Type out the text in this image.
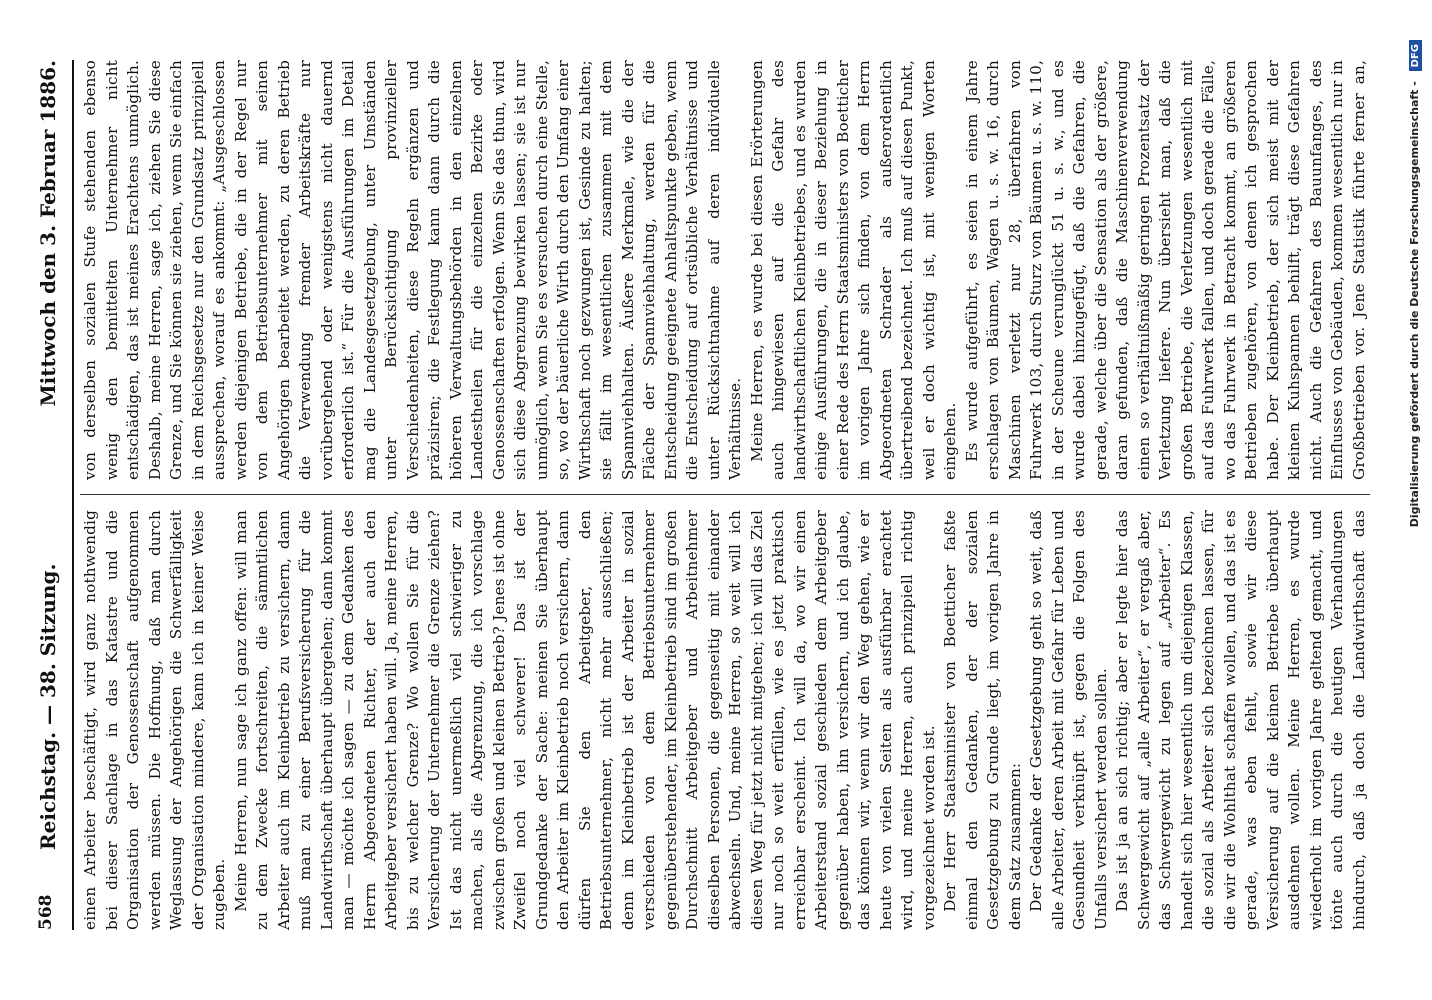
568
Reichstag. — 38. Sitzung.
Mittwoch den 3. Februar 1886.

einen Arbeiter beschäftigt, wird ganz nothwendig bei dieser Sachlage in das Katastre und die Organisation der Genossenschaft aufgenommen werden müssen. Die Hoffnung, daß man durch Weglassung der Angehörigen die Schwerfälligkeit der Organisation mindere, kann ich in keiner Weise zugeben. Meine Herren, nun sage ich ganz offen: will man zu dem Zwecke fortschreiten, die sämmtlichen Arbeiter auch im Kleinbetrieb zu versichern, dann muß man zu einer Berufsversicherung für die Landwirthschaft überhaupt übergehen; dann kommt man — möchte ich sagen — zu dem Gedanken des Herrn Abgeordneten Richter, der auch den Arbeitgeber versichert haben will. Ja, meine Herren, bis zu welcher Grenze? Wo wollen Sie für die Versicherung der Unternehmer die Grenze ziehen? Ist das nicht unermeßlich viel schwieriger zu machen, als die Abgrenzung, die ich vorschlage zwischen großen und kleinen Betrieb? Jenes ist ohne Zweifel noch viel schwerer! Das ist der Grundgedanke der Sache: meinen Sie überhaupt den Arbeiter im Kleinbetrieb noch versichern, dann dürfen Sie den Arbeitgeber, den Betriebsunternehmer, nicht mehr ausschließen; denn im Kleinbetrieb ist der Arbeiter in sozial verschieden von dem Betriebsunternehmer gegenüberstehender, im Kleinbetrieb sind im großen Durchschnitt Arbeitgeber und Arbeitnehmer dieselben Personen, die gegenseitig mit einander abwechseln. Und, meine Herren, so weit will ich diesen Weg für jetzt nicht mitgehen; ich will das Ziel nur noch so weit erfüllen, wie es jetzt praktisch erreichbar erscheint. Ich will da, wo wir einen Arbeiterstand sozial geschieden dem Arbeitgeber gegenüber haben, ihn versichern, und ich glaube, das können wir, wenn wir den Weg gehen, wie er heute von vielen Seiten als ausführbar erachtet wird, und meine Herren, auch prinzipiell richtig vorgezeichnet worden ist. Der Herr Staatsminister von Boetticher faßte einmal den Gedanken, der der sozialen Gesetzgebung zu Grunde liegt, im vorigen Jahre in dem Satz zusammen: Der Gedanke der Gesetzgebung geht so weit, daß alle Arbeiter, deren Arbeit mit Gefahr für Leben und Gesundheit verknüpft ist, gegen die Folgen des Unfalls versichert werden sollen. Das ist ja an sich richtig; aber er legte hier das Schwergewicht auf „alle Arbeiter“, er vergaß aber, das Schwergewicht zu legen auf „Arbeiter“. Es handelt sich hier wesentlich um diejenigen Klassen, die sozial als Arbeiter sich bezeichnen lassen, für die wir die Wohlthat schaffen wollen, und das ist es gerade, was eben fehlt, sowie wir diese Versicherung auf die kleinen Betriebe überhaupt ausdehnen wollen. Meine Herren, es wurde wiederholt im vorigen Jahre geltend gemacht, und tönte auch durch die heutigen Verhandlungen hindurch, daß ja doch die Landwirthschaft das

von derselben sozialen Stufe stehenden ebenso wenig den bemittelten Unternehmer nicht entschädigen, das ist meines Erachtens unmöglich. Deshalb, meine Herren, sage ich, ziehen Sie diese Grenze, und Sie können sie ziehen, wenn Sie einfach in dem Reichsgesetze nur den Grundsatz prinzipiell aussprechen, worauf es ankommt: „Ausgeschlossen werden diejenigen Betriebe, die in der Regel nur von dem Betriebsunternehmer mit seinen Angehörigen bearbeitet werden, zu deren Betrieb die Verwendung fremder Arbeitskräfte nur vorübergehend oder wenigstens nicht dauernd erforderlich ist.“ Für die Ausführungen im Detail mag die Landesgesetzgebung, unter Umständen unter Berücksichtigung provinzieller Verschiedenheiten, diese Regeln ergänzen und präzisiren; die Festlegung kann dann durch die höheren Verwaltungsbehörden in den einzelnen Landestheilen für die einzelnen Bezirke oder Genossenschaften erfolgen. Wenn Sie das thun, wird sich diese Abgrenzung bewirken lassen; sie ist nur unmöglich, wenn Sie es versuchen durch eine Stelle, so, wo der bäuerliche Wirth durch den Umfang einer Wirthschaft noch gezwungen ist, Gesinde zu halten; sie fällt im wesentlichen zusammen mit dem Spannviehhalten. Äußere Merkmale, wie die der Fläche der Spannviehhaltung, werden für die Entscheidung geeignete Anhaltspunkte geben, wenn die Entscheidung auf ortsübliche Verhältnisse und unter Rücksichtnahme auf deren individuelle Verhältnisse. Meine Herren, es wurde bei diesen Erörterungen auch hingewiesen auf die Gefahr des landwirthschaftlichen Kleinbetriebes, und es wurden einige Ausführungen, die in dieser Beziehung in einer Rede des Herrn Staatsministers von Boetticher im vorigen Jahre sich finden, von dem Herrn Abgeordneten Schrader als außerordentlich übertreibend bezeichnet. Ich muß auf diesen Punkt, weil er doch wichtig ist, mit wenigen Worten eingehen. Es wurde aufgeführt, es seien in einem Jahre erschlagen von Bäumen, Wagen u. s. w. 16, durch Maschinen verletzt nur 28, überfahren von Fuhrwerk 103, durch Sturz von Bäumen u. s. w. 110, in der Scheune verunglückt 51 u. s. w., und es wurde dabei hinzugefügt, daß die Gefahren, die gerade, welche über die Sensation als der größere, daran gefunden, daß die Maschinenverwendung einen so verhältnißmäßig geringen Prozentsatz der Verletzung liefere. Nun übersieht man, daß die großen Betriebe, die Verletzungen wesentlich mit auf das Fuhrwerk fallen, und doch gerade die Fälle, wo das Fuhrwerk in Betracht kommt, an größeren Betrieben zugehören, von denen ich gesprochen habe. Der Kleinbetrieb, der sich meist mit der kleinen Kuhspannen behilft, trägt diese Gefahren nicht. Auch die Gefahren des Bauunfanges, des Einflusses von Gebäuden, kommen wesentlich nur in Großbetrieben vor. Jene Statistik führte ferner an,

Digitalisierung gefördert durch die Deutsche Forschungsgemeinschaft - DFG
